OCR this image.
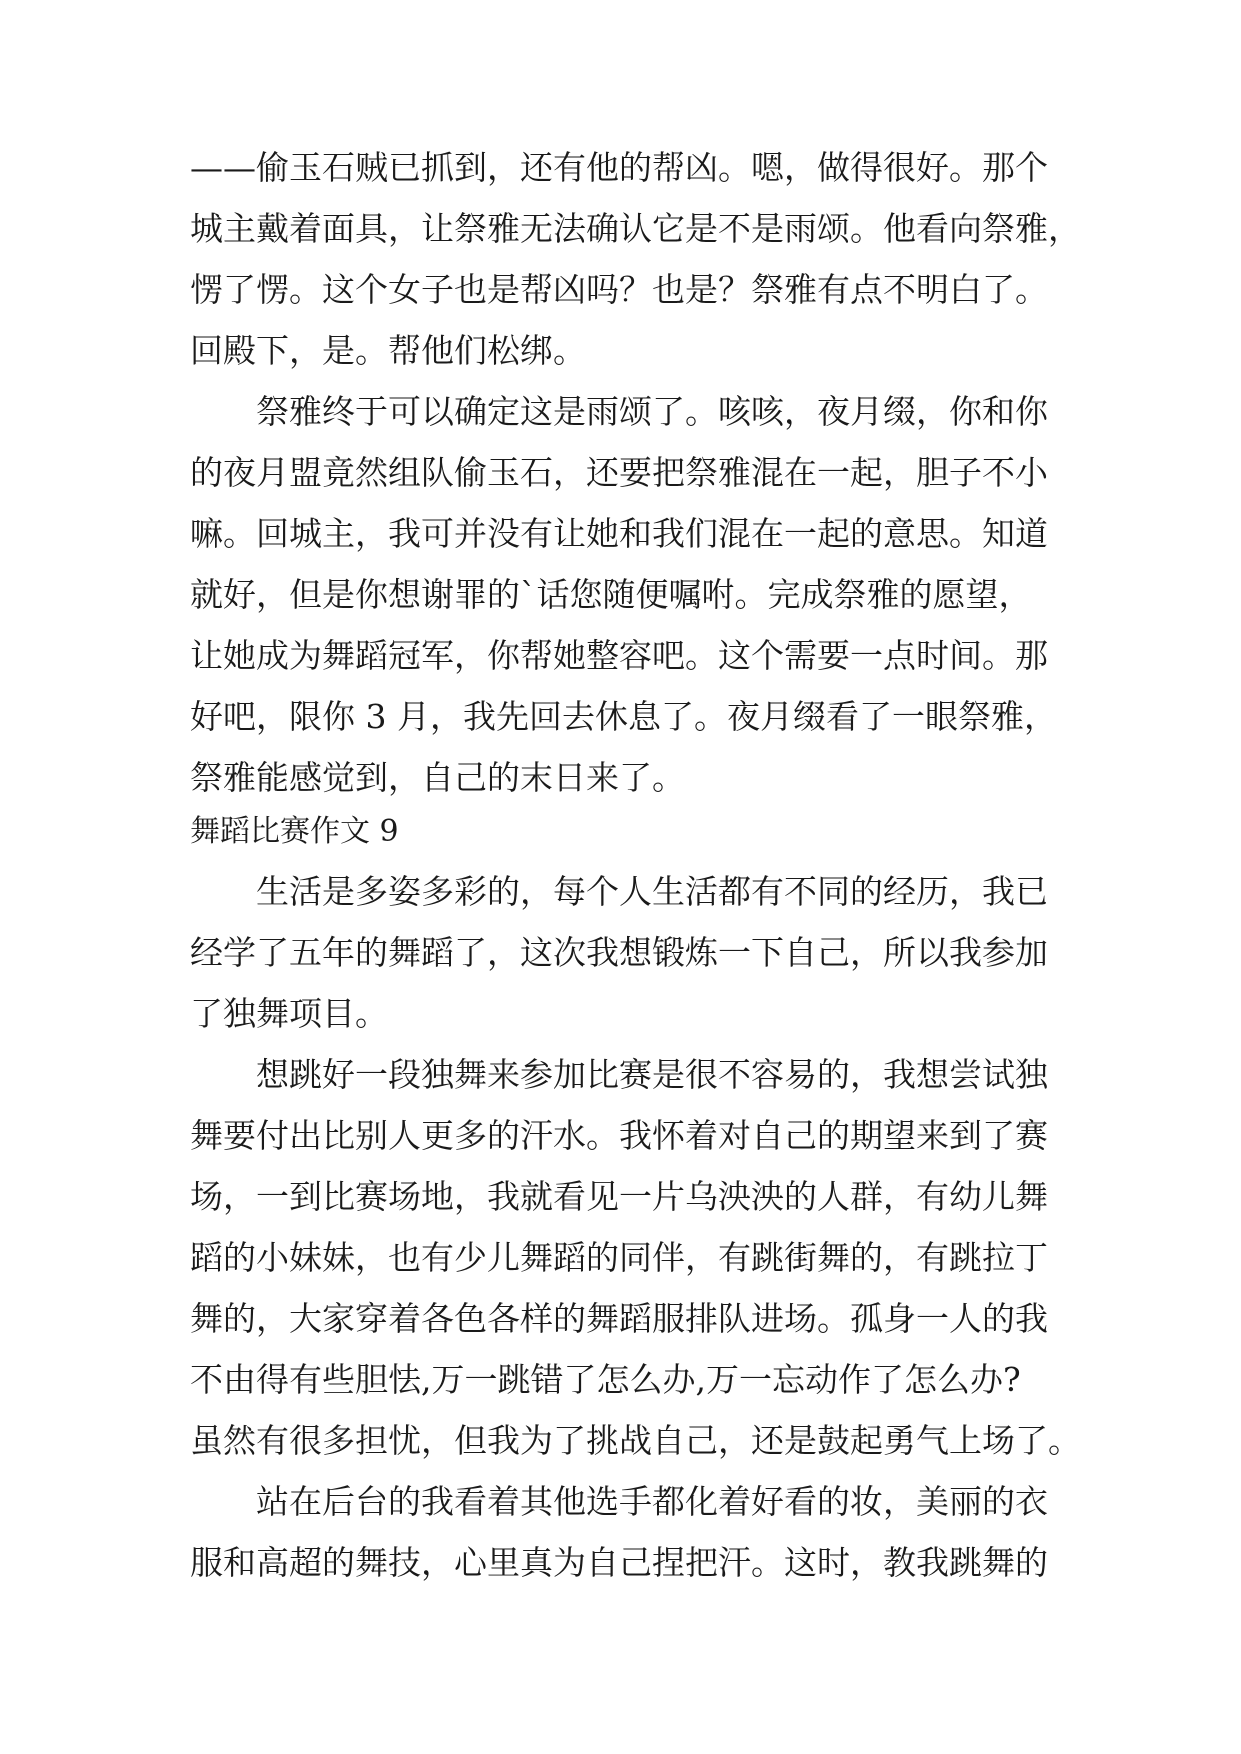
——偷玉石贼已抓到，还有他的帮凶。嗯，做得很好。那个

城主戴着面具，让祭雅无法确认它是不是雨颂。他看向祭雅，

愣了愣。这个女子也是帮凶吗？也是？祭雅有点不明白了。

回殿下，是。帮他们松绑。

祭雅终于可以确定这是雨颂了。咳咳，夜月缀，你和你

的夜月盟竟然组队偷玉石，还要把祭雅混在一起，胆子不小

嘛。回城主，我可并没有让她和我们混在一起的意思。知道

就好，但是你想谢罪的`话您随便嘱咐。完成祭雅的愿望，

让她成为舞蹈冠军，你帮她整容吧。这个需要一点时间。那

好吧，限你 3 月，我先回去休息了。夜月缀看了一眼祭雅，

祭雅能感觉到，自己的末日来了。

舞蹈比赛作文 9

生活是多姿多彩的，每个人生活都有不同的经历，我已

经学了五年的舞蹈了，这次我想锻炼一下自己，所以我参加

了独舞项目。

想跳好一段独舞来参加比赛是很不容易的，我想尝试独

舞要付出比别人更多的汗水。我怀着对自己的期望来到了赛

场，一到比赛场地，我就看见一片乌泱泱的人群，有幼儿舞

蹈的小妹妹，也有少儿舞蹈的同伴，有跳街舞的，有跳拉丁

舞的，大家穿着各色各样的舞蹈服排队进场。孤身一人的我

不由得有些胆怯,万一跳错了怎么办,万一忘动作了怎么办?

虽然有很多担忧，但我为了挑战自己，还是鼓起勇气上场了。

站在后台的我看着其他选手都化着好看的妆，美丽的衣

服和高超的舞技，心里真为自己捏把汗。这时，教我跳舞的
